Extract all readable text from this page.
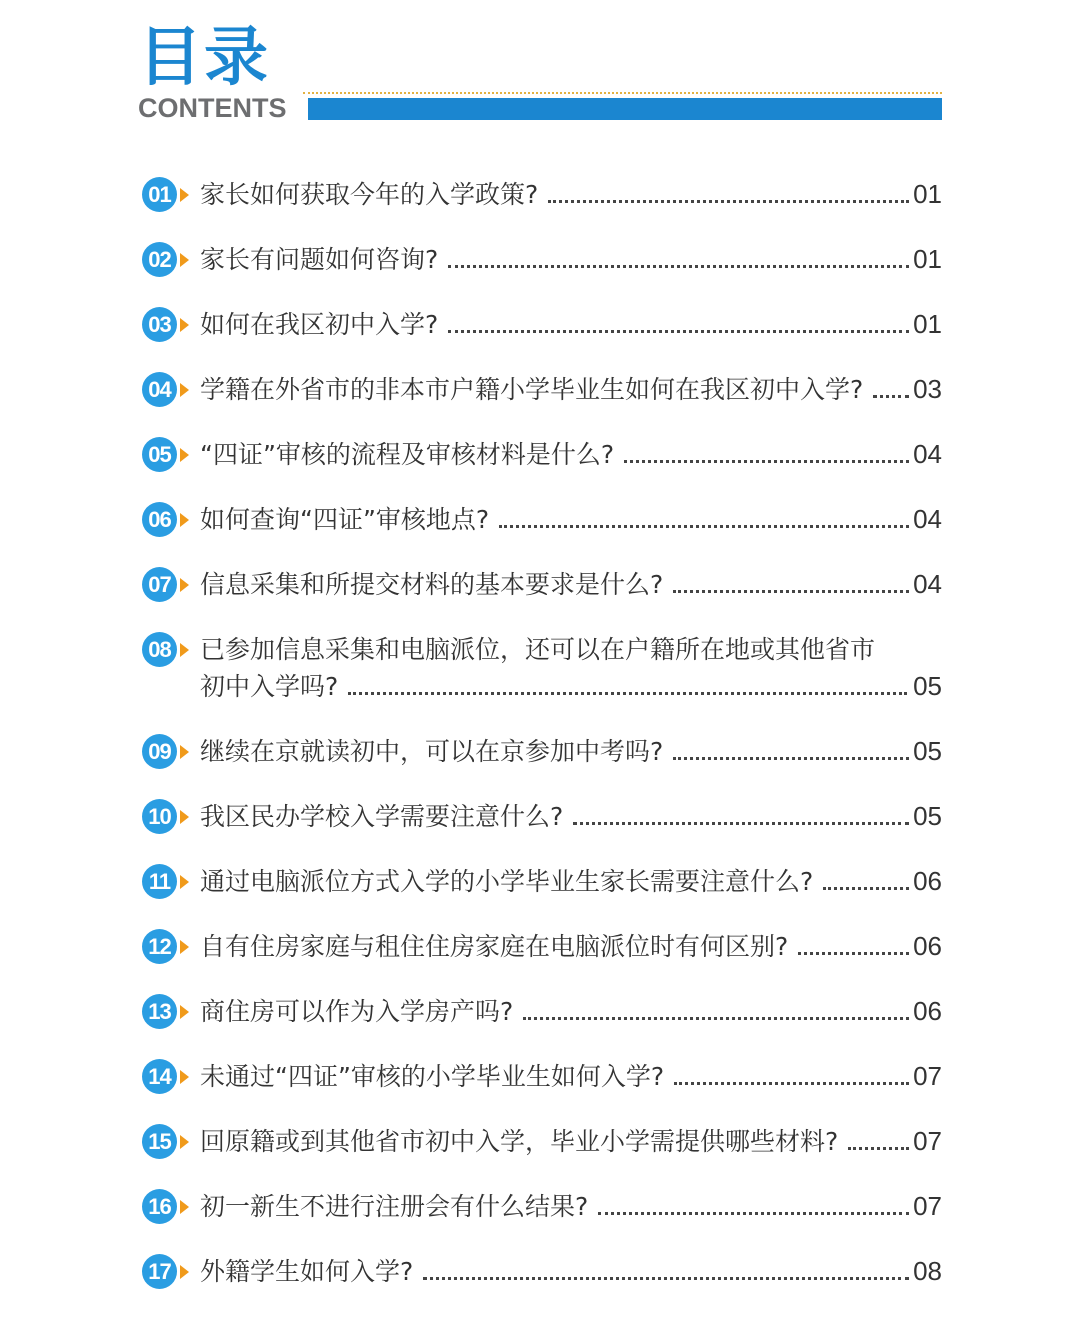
目录
CONTENTS
01 家长如何获取今年的入学政策?	01
02 家长有问题如何咨询?	01
03 如何在我区初中入学?	01
04 学籍在外省市的非本市户籍小学毕业生如何在我区初中入学? 03
05 “四证”审核的流程及审核材料是什么?	04
06 如何查询“四证”审核地点?	04
07 信息采集和所提交材料的基本要求是什么?	04
08 已参加信息采集和电脑派位，还可以在户籍所在地或其他省市
初中入学吗?	05
09 继续在京就读初中，可以在京参加中考吗?	05
10 我区民办学校入学需要注意什么?	05
11 通过电脑派位方式入学的小学毕业生家长需要注意什么?	06
12 自有住房家庭与租住住房家庭在电脑派位时有何区别?	06
13 商住房可以作为入学房产吗?	06
14 未通过“四证”审核的小学毕业生如何入学?	07
15 回原籍或到其他省市初中入学，毕业小学需提供哪些材料?	07
16 初一新生不进行注册会有什么结果?	07
17 外籍学生如何入学?	08
